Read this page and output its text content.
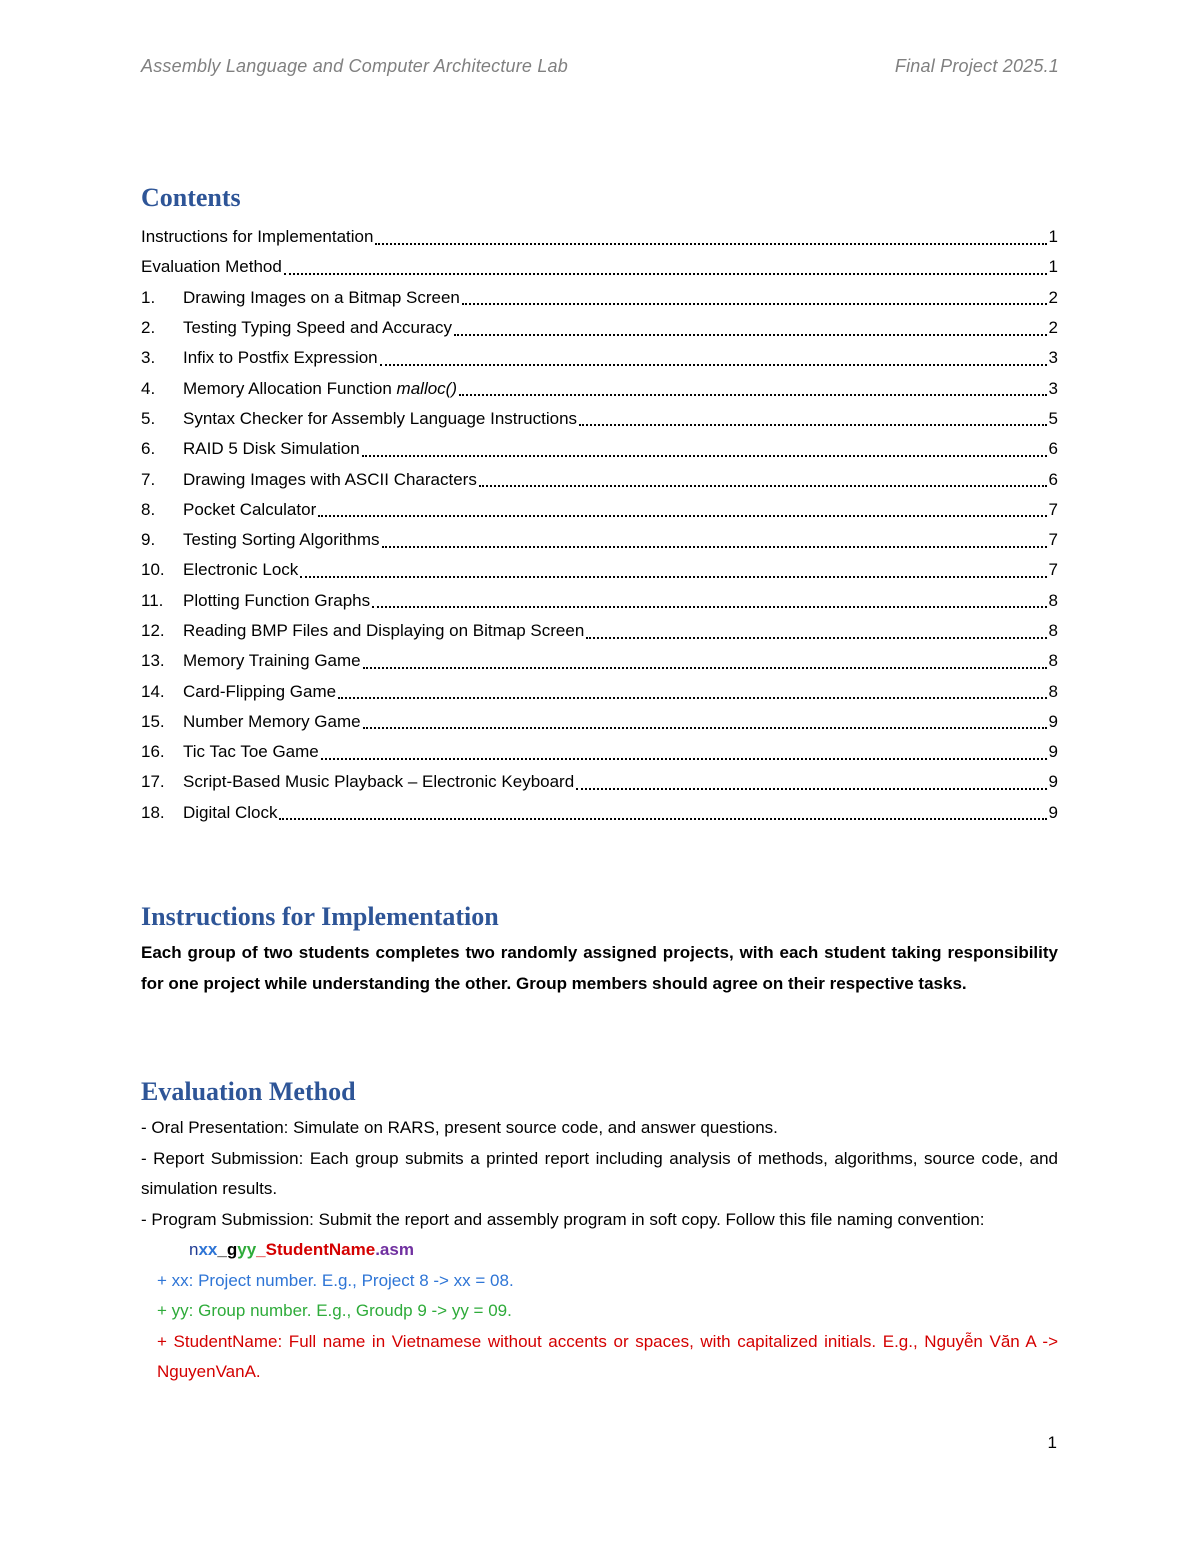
Assembly Language and Computer Architecture Lab	Final Project 2025.1
Contents
Instructions for Implementation	1
Evaluation Method	1
1.	Drawing Images on a Bitmap Screen	2
2.	Testing Typing Speed and Accuracy	2
3.	Infix to Postfix Expression	3
4.	Memory Allocation Function malloc()	3
5.	Syntax Checker for Assembly Language Instructions	5
6.	RAID 5 Disk Simulation	6
7.	Drawing Images with ASCII Characters	6
8.	Pocket Calculator	7
9.	Testing Sorting Algorithms	7
10.	Electronic Lock	7
11.	Plotting Function Graphs	8
12.	Reading BMP Files and Displaying on Bitmap Screen	8
13.	Memory Training Game	8
14.	Card-Flipping Game	8
15.	Number Memory Game	9
16.	Tic Tac Toe Game	9
17.	Script-Based Music Playback – Electronic Keyboard	9
18.	Digital Clock	9
Instructions for Implementation

Each group of two students completes two randomly assigned projects, with each student taking responsibility for one project while understanding the other. Group members should agree on their respective tasks.

Evaluation Method
- Oral Presentation: Simulate on RARS, present source code, and answer questions.
- Report Submission: Each group submits a printed report including analysis of methods, algorithms, source code, and simulation results.
- Program Submission: Submit the report and assembly program in soft copy. Follow this file naming convention:
nxx_gyy_StudentName.asm
+ xx: Project number. E.g., Project 8 -> xx = 08.
+ yy: Group number. E.g., Groudp 9 -> yy = 09.
+ StudentName: Full name in Vietnamese without accents or spaces, with capitalized initials. E.g., Nguyễn Văn A -> NguyenVanA.
1
